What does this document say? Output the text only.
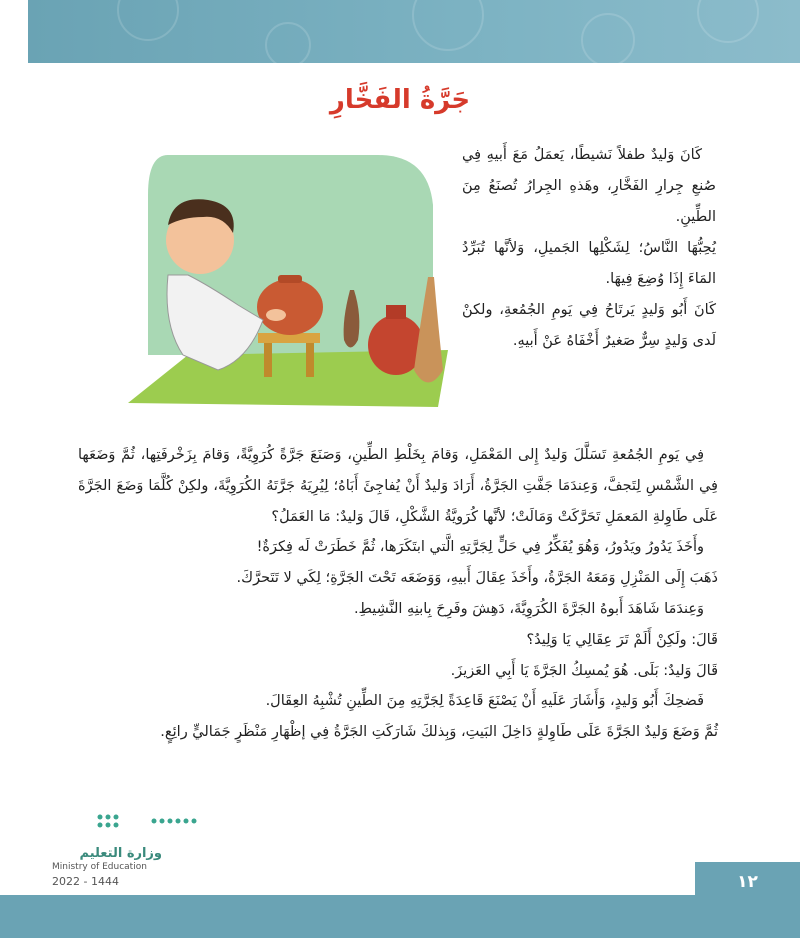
جَرَّةُ الفَخَّارِ

كَانَ وَليدٌ طفلاً نَشيطًا، يَعمَلُ مَعَ أَبيهِ فِي صُنعِ جِرارِ الفَخَّارِ، وهَذهِ الجِرارُ تُصنَعُ مِنَ الطِّينِ.

يُحِبُّهَا النَّاسُ؛ لِشَكْلِها الجَميلِ، وَلأنَّها تُبَرِّدُ المَاءَ إِذَا وُضِعَ فِيهَا.

كَانَ أَبُو وَليدٍ يَرتَاحُ فِي يَومِ الجُمُعةِ، ولكنْ لَدى وَليدٍ سِرٌّ صَغيرٌ أَخْفَاهُ عَنْ أَبيهِ.

فِي يَومِ الجُمُعةِ تَسَلَّلَ وَليدٌ إِلى المَعْمَلِ، وَقامَ بِخَلْطِ الطِّينِ، وَصَنَعَ جَرَّةً كُرَوِيَّةً، وَقامَ بِزَخْرفَتِها، ثُمَّ وَضَعَها فِي الشَّمْسِ لِتَجفَّ، وَعِندَمَا جَفَّتِ الجَرَّةُ، أَرَادَ وَليدٌ أَنْ يُفاجِئَ أَبَاهُ؛ لِيُرِيَهُ جَرَّتَهُ الكُرَوِيَّةَ، ولكِنْ كُلَّمَا وَضَعَ الجَرَّةَ عَلَى طَاوِلةِ المَعمَلِ تَحَرَّكَتْ وَمَالَتْ؛ لأنَّها كُرَويَّةُ الشَّكْلِ، قَالَ وَليدٌ: مَا العَمَلُ؟

وأَخَذَ يَدُورُ ويَدُورُ، وَهُوَ يُفَكِّرُ فِي حَلٍّ لِجَرَّتِهِ الَّتي ابتَكَرَها، ثُمَّ خَطَرَتْ لَه فِكرَةٌ!

ذَهَبَ إِلَى المَنْزِلِ وَمَعَهُ الجَرَّةُ، وأَخَذَ عِقَالَ أَبيهِ، وَوَضَعَه تَحْتَ الجَرَّةِ؛ لِكَي لا تَتَحرَّكَ.

وَعِندَمَا شَاهَدَ أَبوهُ الجَرَّةَ الكُرَوِيَّةَ، دَهِشَ وفَرِحَ بِابنِهِ النَّشِيطِ.

قَالَ: ولَكِنْ أَلَمْ تَرَ عِقَالِي يَا وَلِيدُ؟

قَالَ وَليدٌ: بَلَى. هُوَ يُمسِكُ الجَرَّةَ يَا أَبِي العَزيزَ.

فَضحِكَ أَبُو وَليدٍ، وَأَشَارَ عَلَيهِ أَنْ يَصْنَعَ قَاعِدَةً لِجَرَّتِهِ مِنَ الطِّينِ تُشْبِهُ العِقَالَ.

ثُمَّ وَضَعَ وَليدٌ الجَرَّةَ عَلَى طَاوِلةٍ دَاخِلَ البَيتِ، وَبِذلكَ شَارَكَتِ الجَرَّةُ فِي إظْهَارِ مَنْظَرٍ جَمَاليٍّ رائِعٍ.

وزارة التعليم
Ministry of Education
2022 - 1444	١٢
